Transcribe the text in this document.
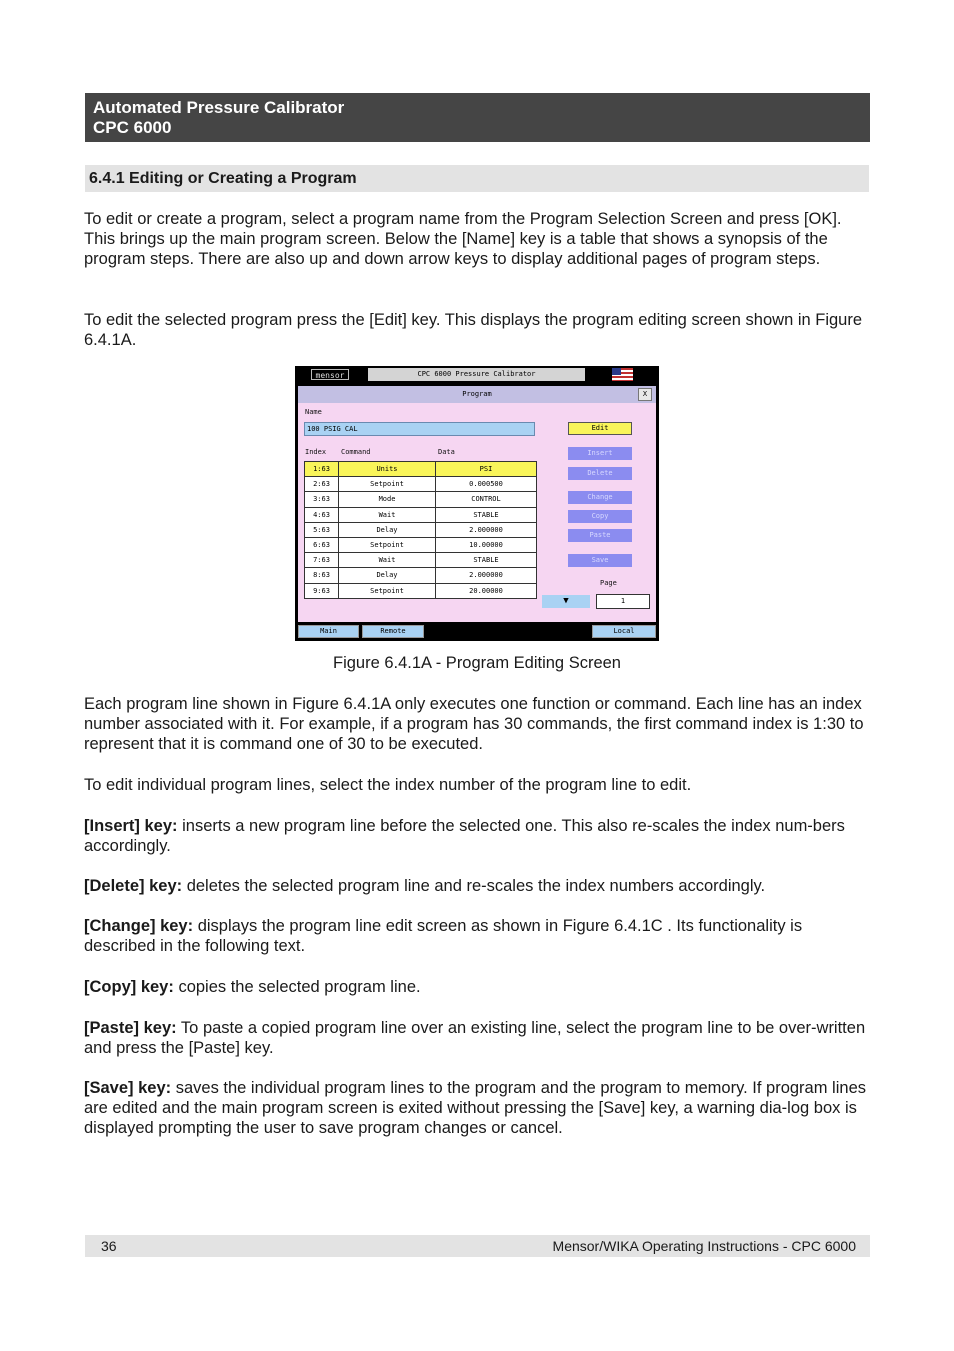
Automated Pressure Calibrator
CPC 6000
6.4.1 Editing or Creating a Program

To edit or create a program, select a program name from the Program Selection Screen and press [OK]. This brings up the main program screen. Below the [Name] key is a table that shows a synopsis of the program steps. There are also up and down arrow keys to display additional pages of program steps.

To edit the selected program press the [Edit] key. This displays the program editing screen shown in Figure 6.4.1A.

mensor	CPC 6000 Pressure Calibrator
Program	X
Name
100 PSIG CAL
Index Command	Data
1:63	Units	PSI
2:63	Setpoint	0.000500
3:63	Mode	CONTROL
4:63	Wait	STABLE
5:63	Delay	2.000000
6:63	Setpoint	10.00000
7:63	Wait	STABLE
8:63	Delay	2.000000
9:63	Setpoint	20.00000
Edit
Insert
Delete
Change
Copy
Paste
Save
Page
▼	1
Main	Remote	Local
Figure 6.4.1A - Program Editing Screen

Each program line shown in Figure 6.4.1A only executes one function or command. Each line has an index number associated with it. For example, if a program has 30 commands, the first command index is 1:30 to represent that it is command one of 30 to be executed.

To edit individual program lines, select the index number of the program line to edit.

[Insert] key: inserts a new program line before the selected one. This also re-scales the index num-bers accordingly.

[Delete] key: deletes the selected program line and re-scales the index numbers accordingly.

[Change] key: displays the program line edit screen as shown in Figure 6.4.1C . Its functionality is described in the following text.

[Copy] key: copies the selected program line.

[Paste] key: To paste a copied program line over an existing line, select the program line to be over-written and press the [Paste] key.

[Save] key: saves the individual program lines to the program and the program to memory. If program lines are edited and the main program screen is exited without pressing the [Save] key, a warning dia-log box is displayed prompting the user to save program changes or cancel.

36	Mensor/WIKA Operating Instructions - CPC 6000
